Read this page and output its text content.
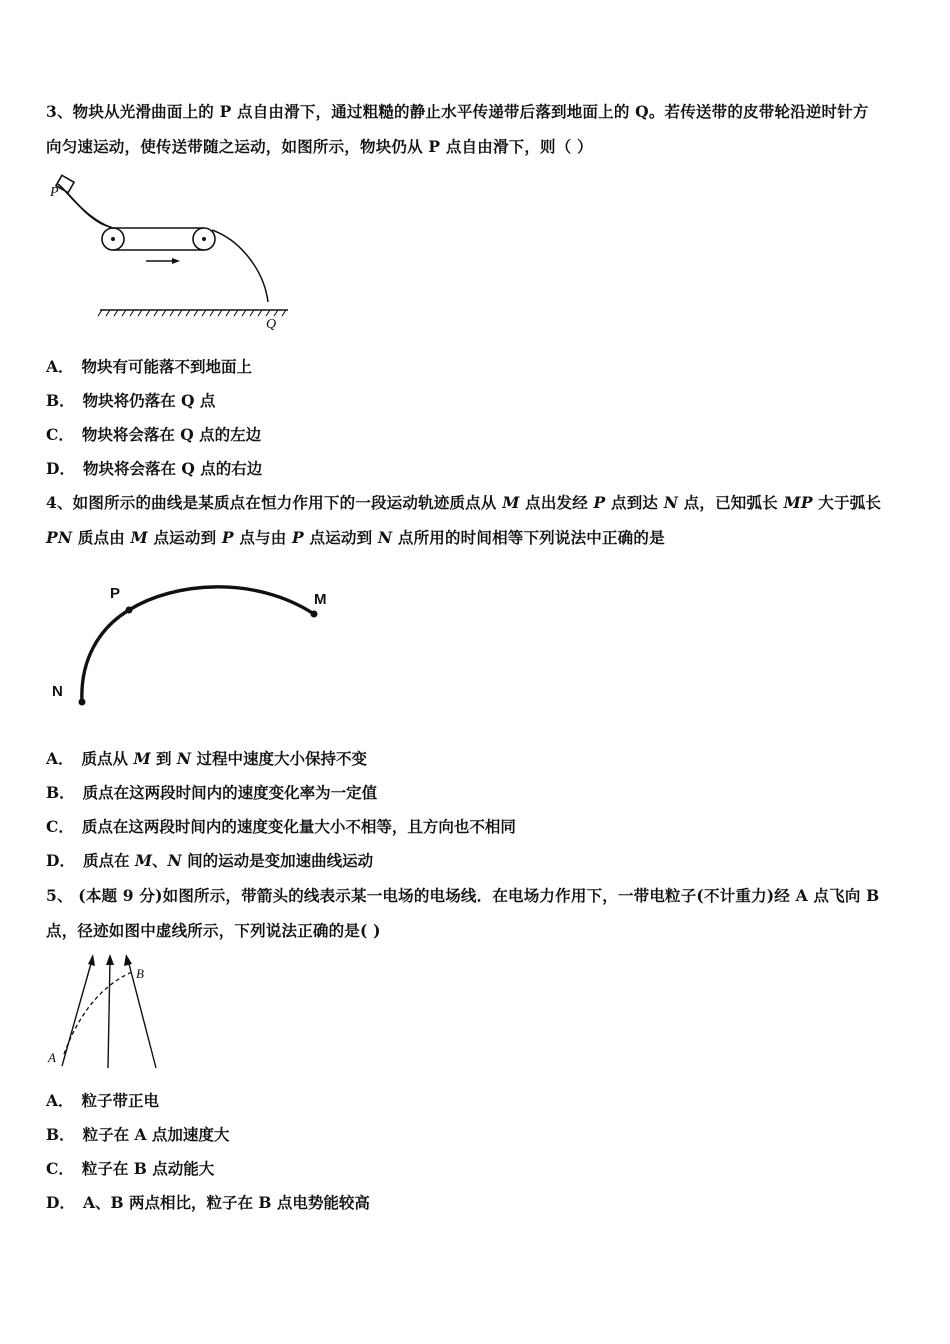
3、物块从光滑曲面上的 P 点自由滑下，通过粗糙的静止水平传递带后落到地面上的 Q。若传送带的皮带轮沿逆时针方
向匀速运动，使传送带随之运动，如图所示，物块仍从 P 点自由滑下，则（ ）
P
Q
A． 物块有可能落不到地面上
B． 物块将仍落在 Q 点
C． 物块将会落在 Q 点的左边
D． 物块将会落在 Q 点的右边
4、如图所示的曲线是某质点在恒力作用下的一段运动轨迹质点从 M 点出发经 P 点到达 N 点，已知弧长 MP 大于弧长
PN 质点由 M 点运动到 P 点与由 P 点运动到 N 点所用的时间相等下列说法中正确的是
P	M
N
A． 质点从 M 到 N 过程中速度大小保持不变
B． 质点在这两段时间内的速度变化率为一定值
C． 质点在这两段时间内的速度变化量大小不相等，且方向也不相同
D． 质点在 M、N 间的运动是变加速曲线运动
5、 (本题 9 分)如图所示，带箭头的线表示某一电场的电场线．在电场力作用下，一带电粒子(不计重力)经 A 点飞向 B
点，径迹如图中虚线所示，下列说法正确的是( )
A
B
A． 粒子带正电
B． 粒子在 A 点加速度大
C． 粒子在 B 点动能大
D． A、B 两点相比，粒子在 B 点电势能较高
